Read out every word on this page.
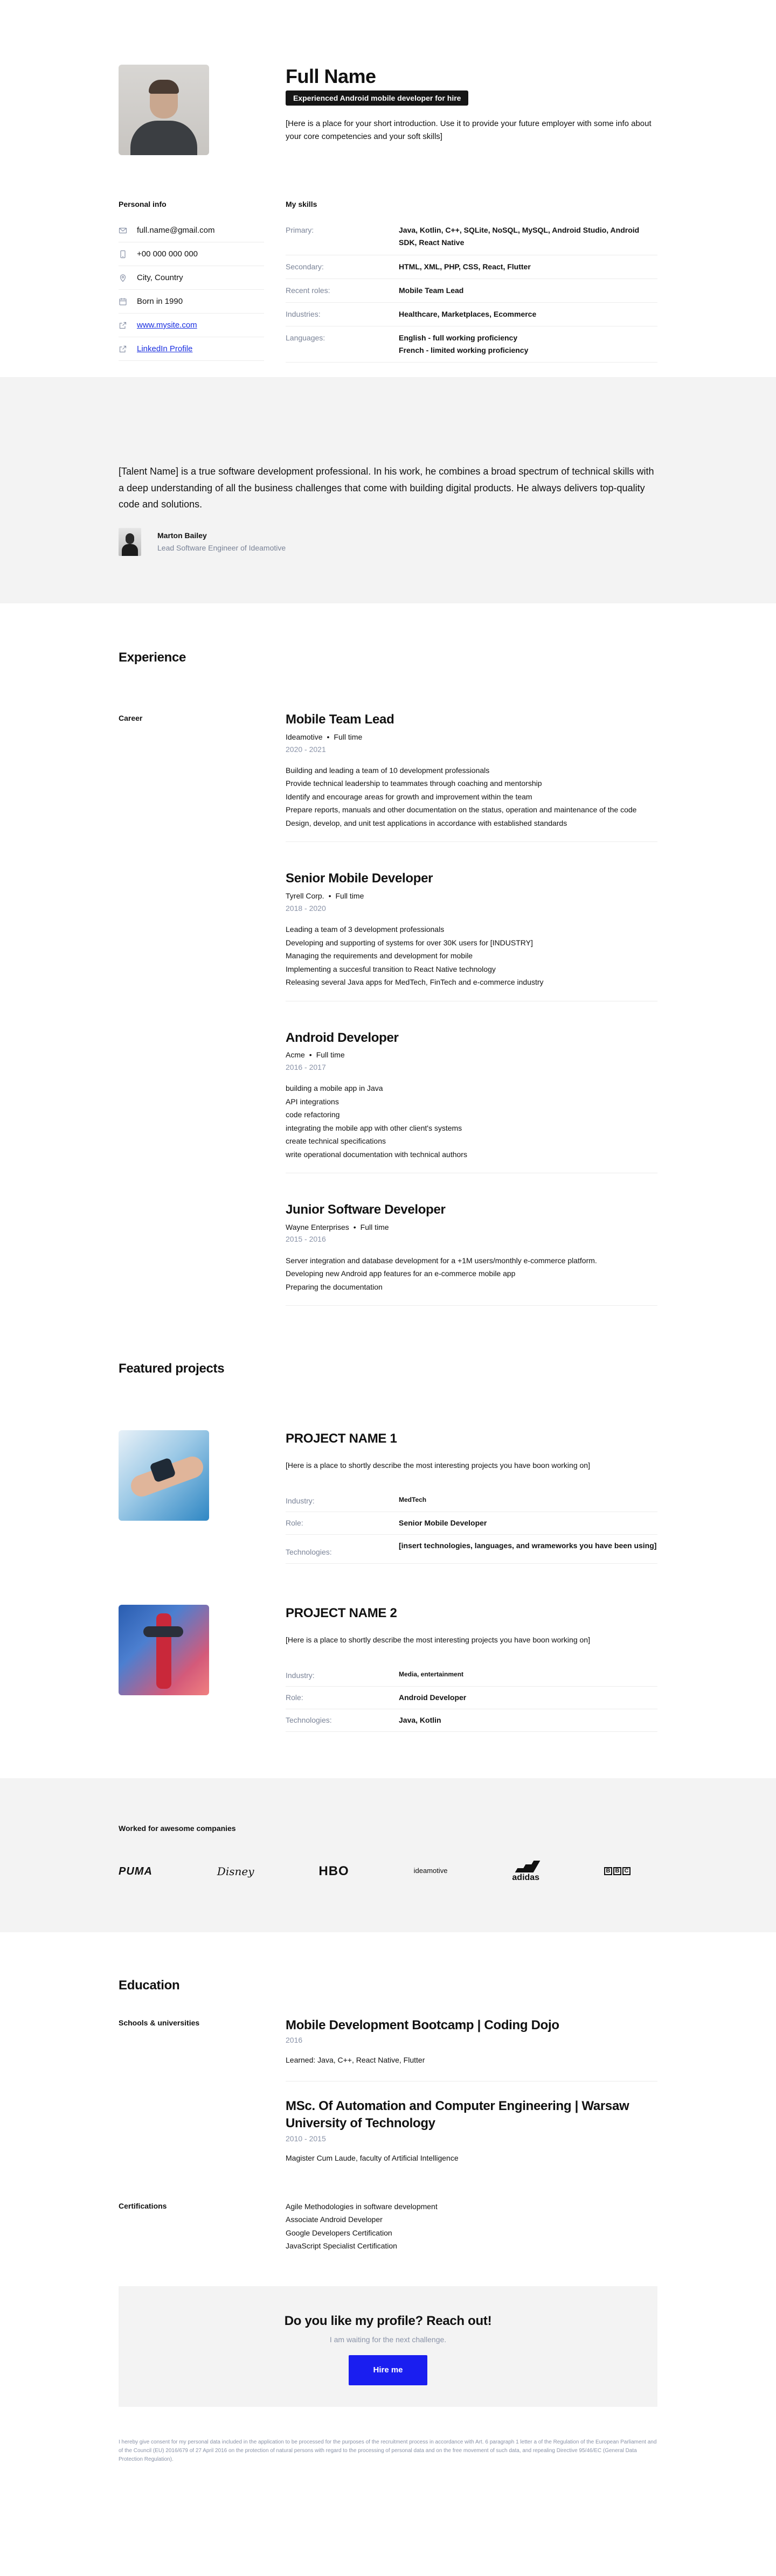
Full Name
Experienced Android mobile developer for hire

[Here is a place for your short introduction. Use it to provide your future employer with some info about your core competencies and your soft skills]

Personal info
full.name@gmail.com
+00 000 000 000
City, Country
Born in 1990
www.mysite.com
LinkedIn Profile
My skills
Primary:	Java, Kotlin, C++, SQLite, NoSQL, MySQL, Android Studio, Android SDK, React Native
Secondary:	HTML, XML, PHP, CSS, React, Flutter
Recent roles:	Mobile Team Lead
Industries:	Healthcare, Marketplaces, Ecommerce
Languages:	English - full working proficiency
French - limited working proficiency

[Talent Name] is a true software development professional. In his work, he combines a broad spectrum of technical skills with a deep understanding of all the business challenges that come with building digital products. He always delivers top-quality code and solutions.

Marton Bailey
Lead Software Engineer of Ideamotive
Experience
Career	Mobile Team Lead
Ideamotive • Full time
2020 - 2021
Building and leading a team of 10 development professionals
Provide technical leadership to teammates through coaching and mentorship
Identify and encourage areas for growth and improvement within the team
Prepare reports, manuals and other documentation on the status, operation and maintenance of the code
Design, develop, and unit test applications in accordance with established standards
Senior Mobile Developer
Tyrell Corp. • Full time
2018 - 2020
Leading a team of 3 development professionals
Developing and supporting of systems for over 30K users for [INDUSTRY]
Managing the requirements and development for mobile
Implementing a succesful transition to React Native technology
Releasing several Java apps for MedTech, FinTech and e-commerce industry
Android Developer
Acme • Full time
2016 - 2017
building a mobile app in Java
API integrations
code refactoring
integrating the mobile app with other client's systems
create technical specifications
write operational documentation with technical authors
Junior Software Developer
Wayne Enterprises • Full time
2015 - 2016
Server integration and database development for a +1M users/monthly e-commerce platform.
Developing new Android app features for an e-commerce mobile app
Preparing the documentation
Featured projects
PROJECT NAME 1
[Here is a place to shortly describe the most interesting projects you have boon working on]
Industry:	MedTech
Role:	Senior Mobile Developer
Technologies:
[insert technologies, languages, and wrameworks you have been using]
PROJECT NAME 2
[Here is a place to shortly describe the most interesting projects you have boon working on]
Industry:	Media, entertainment
Role:	Android Developer
Technologies:	Java, Kotlin
Worked for awesome companies
PUMA	Disney	HBO	ideamotive
adidas
B B C
Education
Schools & universities	Mobile Development Bootcamp | Coding Dojo
2016
Learned: Java, C++, React Native, Flutter
MSc. Of Automation and Computer Engineering | Warsaw University of Technology
2010 - 2015
Magister Cum Laude, faculty of Artificial Intelligence
Certifications	Agile Methodologies in software development
Associate Android Developer
Google Developers Certification
JavaScript Specialist Certification
Do you like my profile? Reach out!
I am waiting for the next challenge.
Hire me

I hereby give consent for my personal data included in the application to be processed for the purposes of the recruitment process in accordance with Art. 6 paragraph 1 letter a of the Regulation of the European Parliament and of the Council (EU) 2016/679 of 27 April 2016 on the protection of natural persons with regard to the processing of personal data and on the free movement of such data, and repealing Directive 95/46/EC (General Data Protection Regulation).
